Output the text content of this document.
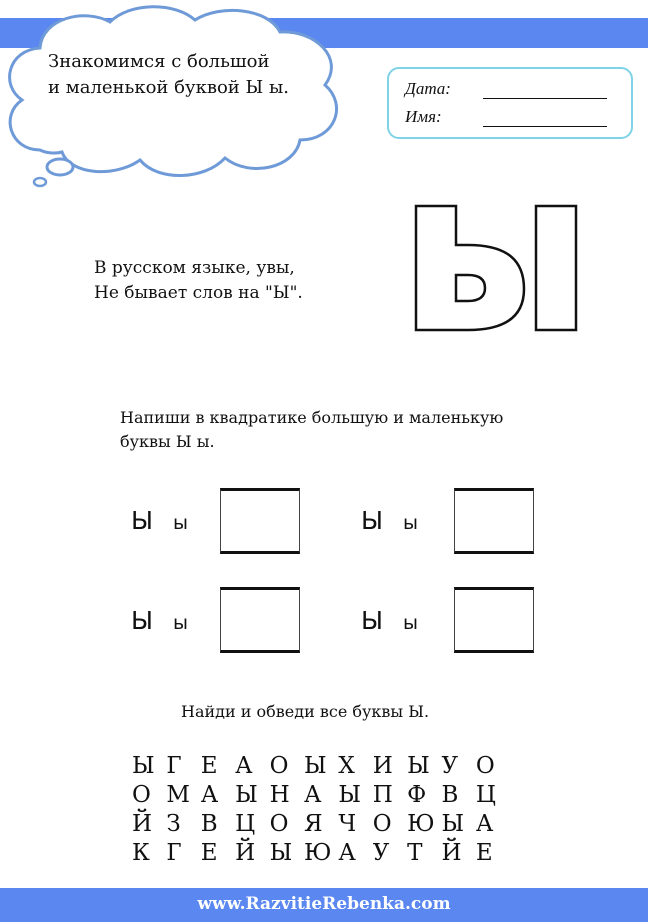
Знакомимся с большой
и маленькой буквой Ы ы.	Дата:
Имя:
В русском языке, увы,
Не бывает слов на "Ы".
Ы
Напиши в квадратике большую и маленькую
буквы Ы ы.
Ы ы	Ы ы
Ы ы	Ы ы
Найди и обведи все буквы Ы.
Ы Г Е А О Ы Х И Ы У О
О М А Ы Н А Ы П Ф В Ц
Й З В Ц О Я Ч О Ю Ы А
К Г Е Й Ы Ю А У Т Й Е
www.RazvitieRebenka.com
